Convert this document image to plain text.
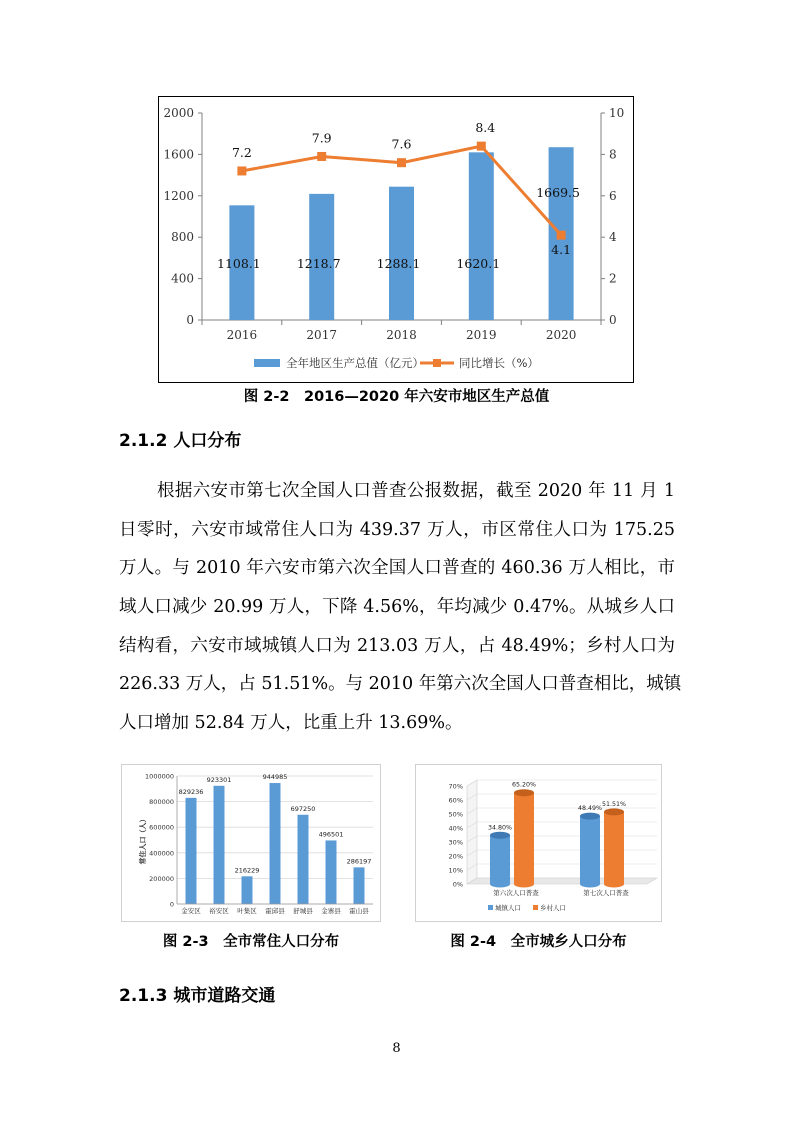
0
400
800
1200
1600
2000
0
2
4
6
8
10
2016	2017	2018	2019	2020
1108.1	1218.7	1288.1	1620.1
1669.5
7.2
7.9	7.6
8.4
4.1
全年地区生产总值（亿元）	同比增长（%）
图 2-2　2016—2020 年六安市地区生产总值
2.1.2 人口分布
根据六安市第七次全国人口普查公报数据，截至 2020 年 11 月 1
日零时，六安市域常住人口为 439.37 万人，市区常住人口为 175.25
万人。与 2010 年六安市第六次全国人口普查的 460.36 万人相比，市
域人口减少 20.99 万人，下降 4.56%，年均减少 0.47%。从城乡人口
结构看，六安市域城镇人口为 213.03 万人，占 48.49%；乡村人口为
226.33 万人，占 51.51%。与 2010 年第六次全国人口普查相比，城镇
人口增加 52.84 万人，比重上升 13.69%。
0
200000
400000
600000
800000
1000000
常住人口（人）
829236
金安区
923301
裕安区
216229
叶集区
944985
霍邱县
697250
舒城县
496501
金寨县
286197
霍山县
图 2-3　全市常住人口分布
0%
10%
20%
30%
40%
50%
60%
70%
34.80%
65.20%
第六次人口普查
48.49%
51.51%
第七次人口普查
城镇人口	乡村人口
图 2-4　全市城乡人口分布
2.1.3 城市道路交通
8
